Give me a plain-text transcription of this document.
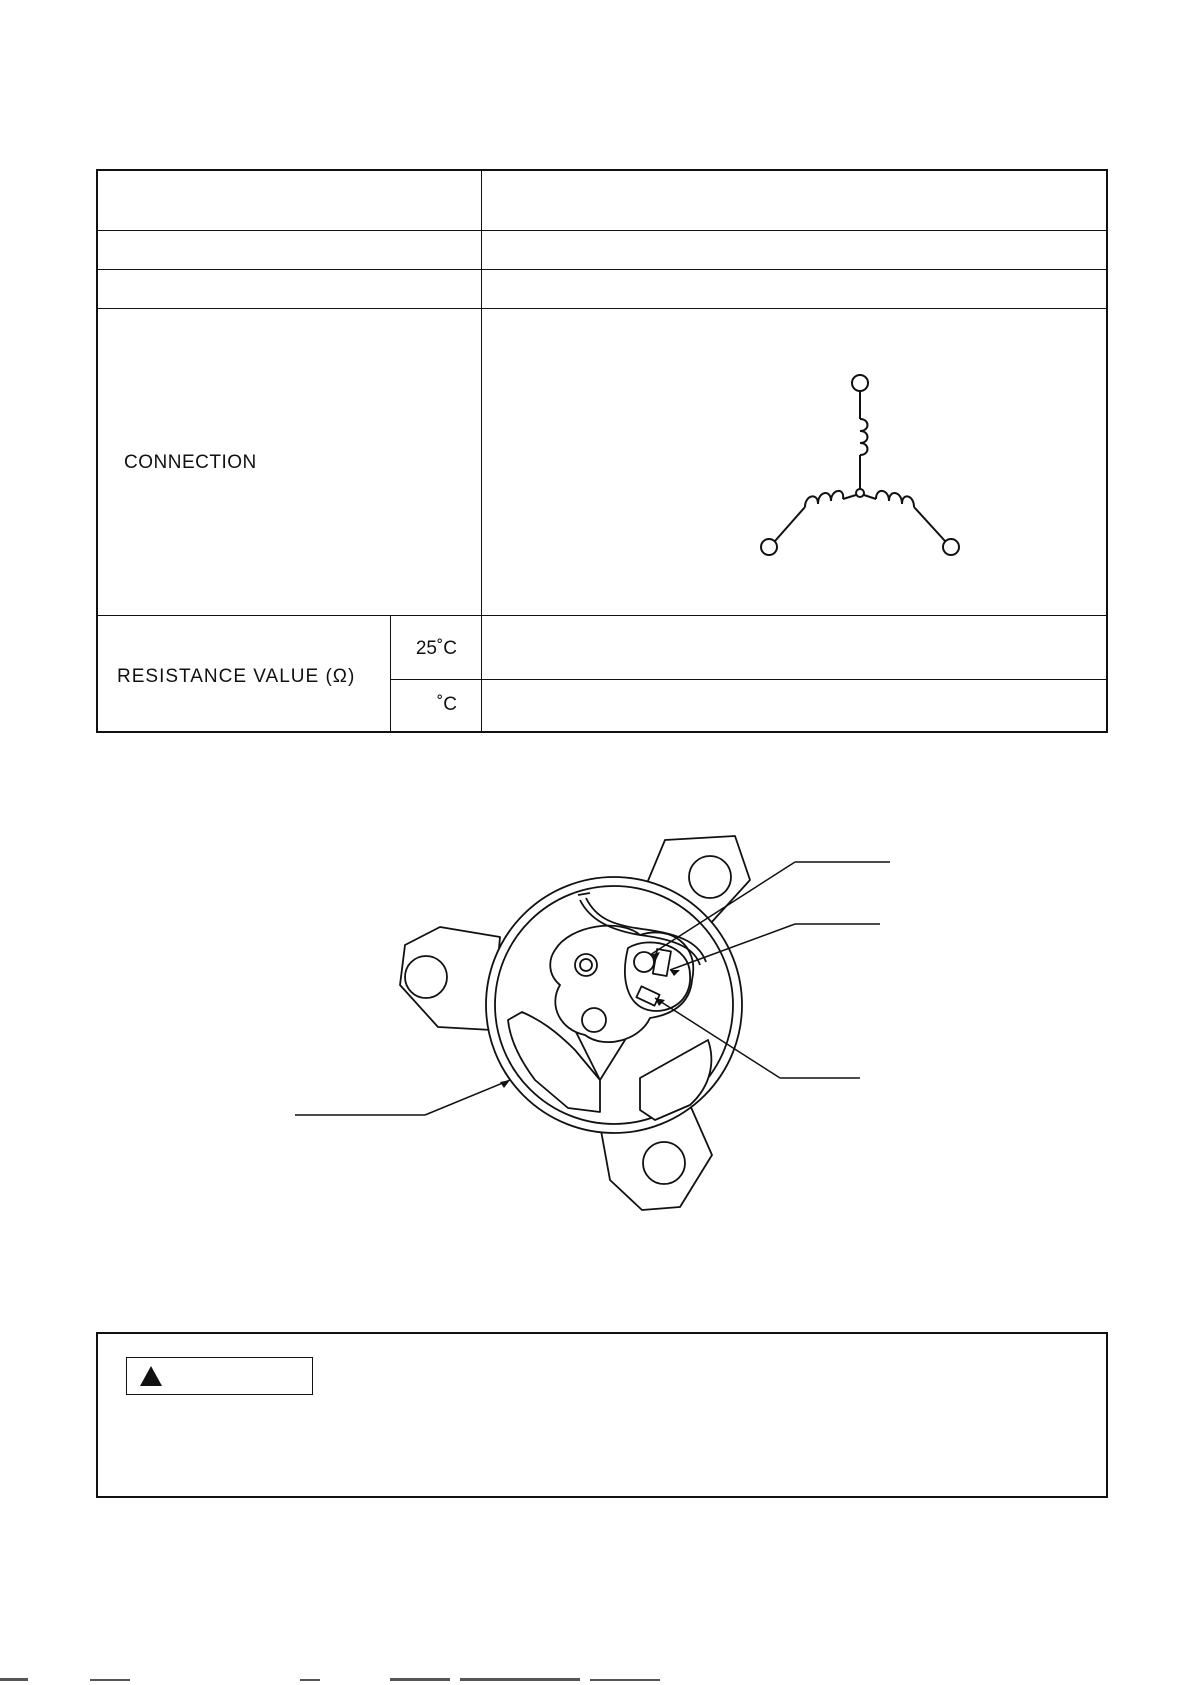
CONNECTION
RESISTANCE VALUE (Ω)
25˚C
˚C
